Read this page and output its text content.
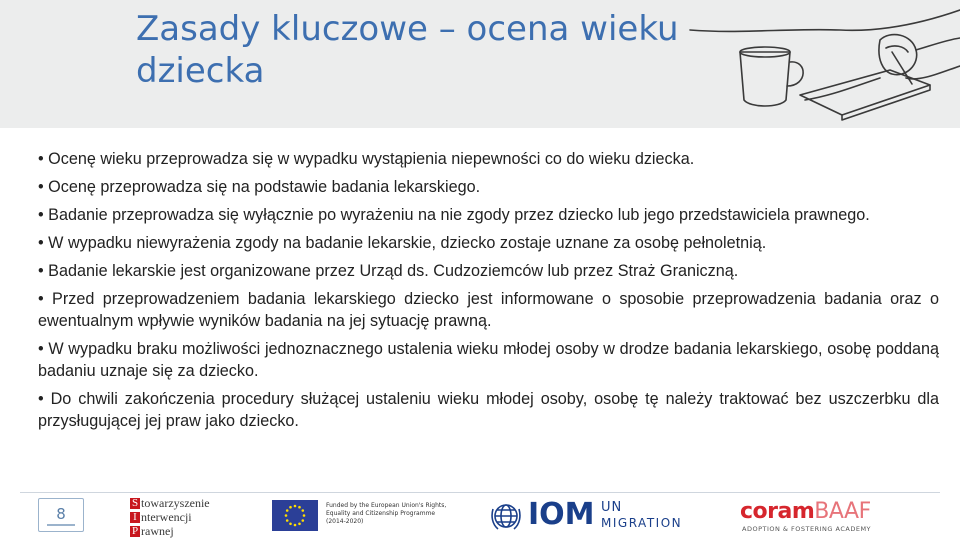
Zasady kluczowe – ocena wieku dziecka

• Ocenę wieku przeprowadza się w wypadku wystąpienia niepewności co do wieku dziecka.

• Ocenę przeprowadza się na podstawie badania lekarskiego.

• Badanie przeprowadza się wyłącznie po wyrażeniu na nie zgody przez dziecko lub jego przedstawiciela prawnego.

• W wypadku niewyrażenia zgody na badanie lekarskie, dziecko zostaje uznane za osobę pełnoletnią.

• Badanie lekarskie jest organizowane przez Urząd ds. Cudzoziemców lub przez Straż Graniczną.

• Przed przeprowadzeniem badania lekarskiego dziecko jest informowane o sposobie przeprowadzenia badania oraz o ewentualnym wpływie wyników badania na jej sytuację prawną.

• W wypadku braku możliwości jednoznacznego ustalenia wieku młodej osoby w drodze badania lekarskiego, osobę poddaną badaniu uznaje się za dziecko.

• Do chwili zakończenia procedury służącej ustaleniu wieku młodej osoby, osobę tę należy traktować bez uszczerbku dla przysługującej jej praw jako dziecko.

8
S towarzyszenie
I nterwencji
P rawnej
Funded by the European Union's Rights, Equality and Citizenship Programme (2014-2020)	IOM UN
MIGRATION	coramBAAF
ADOPTION & FOSTERING ACADEMY
